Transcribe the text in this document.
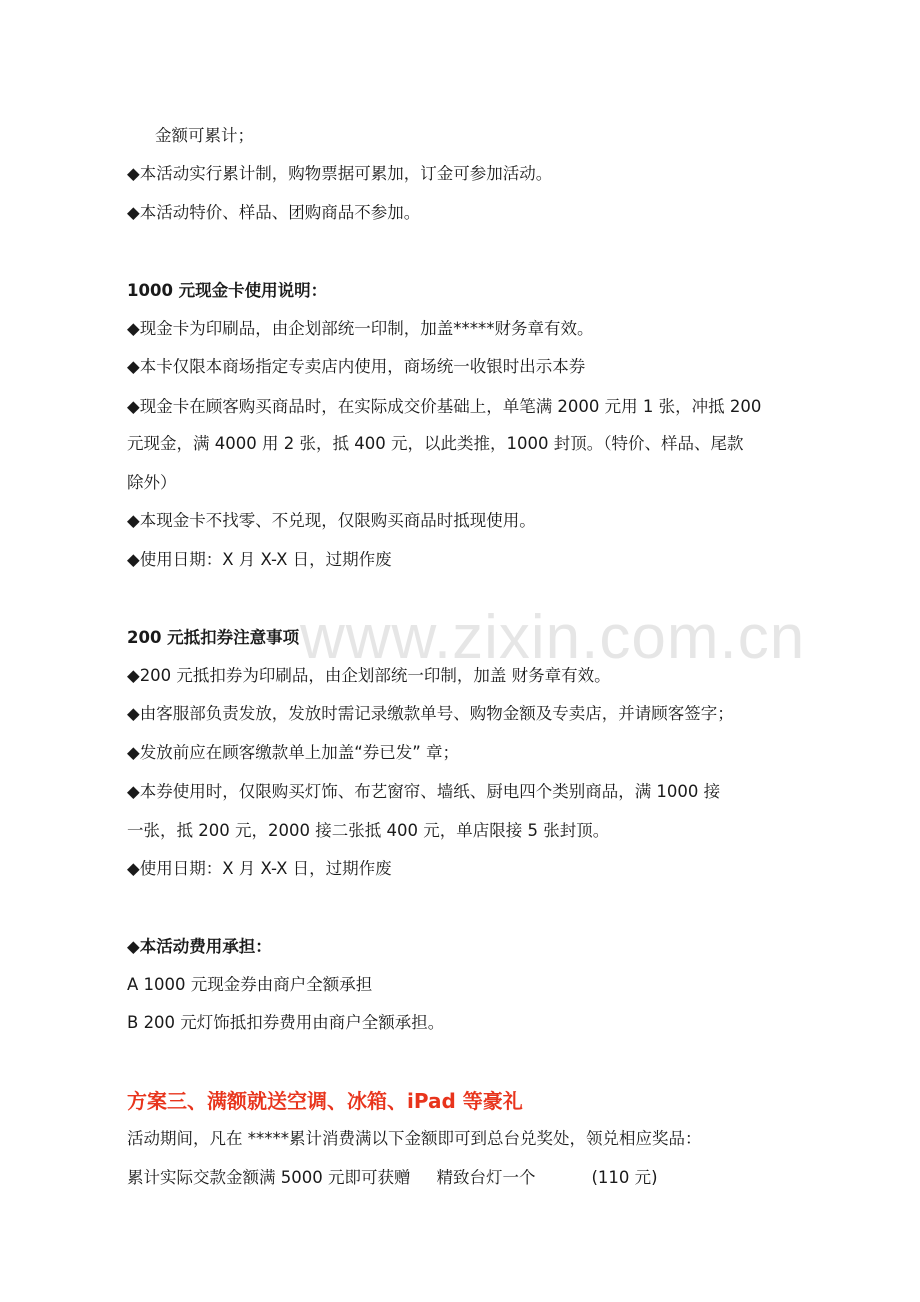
www.zixin.com.cn
金额可累计；
◆本活动实行累计制，购物票据可累加，订金可参加活动。
◆本活动特价、样品、团购商品不参加。
1000 元现金卡使用说明：
◆现金卡为印刷品，由企划部统一印制，加盖*****财务章有效。
◆本卡仅限本商场指定专卖店内使用，商场统一收银时出示本券
◆现金卡在顾客购买商品时，在实际成交价基础上，单笔满 2000 元用 1 张，冲抵 200
元现金，满 4000 用 2 张，抵 400 元，以此类推，1000 封顶。（特价、样品、尾款
除外）
◆本现金卡不找零、不兑现，仅限购买商品时抵现使用。
◆使用日期：X 月 X-X 日，过期作废
200 元抵扣券注意事项
◆200 元抵扣券为印刷品，由企划部统一印制，加盖 财务章有效。
◆由客服部负责发放，发放时需记录缴款单号、购物金额及专卖店，并请顾客签字；
◆发放前应在顾客缴款单上加盖“券已发” 章；
◆本券使用时，仅限购买灯饰、布艺窗帘、墙纸、厨电四个类别商品，满 1000 接
一张，抵 200 元，2000 接二张抵 400 元，单店限接 5 张封顶。
◆使用日期：X 月 X-X 日，过期作废
◆本活动费用承担：
A 1000 元现金券由商户全额承担
B 200 元灯饰抵扣券费用由商户全额承担。
方案三、满额就送空调、冰箱、iPad 等豪礼
活动期间，凡在 *****累计消费满以下金额即可到总台兑奖处，领兑相应奖品：
累计实际交款金额满 5000 元即可获赠 精致台灯一个	(110 元)
